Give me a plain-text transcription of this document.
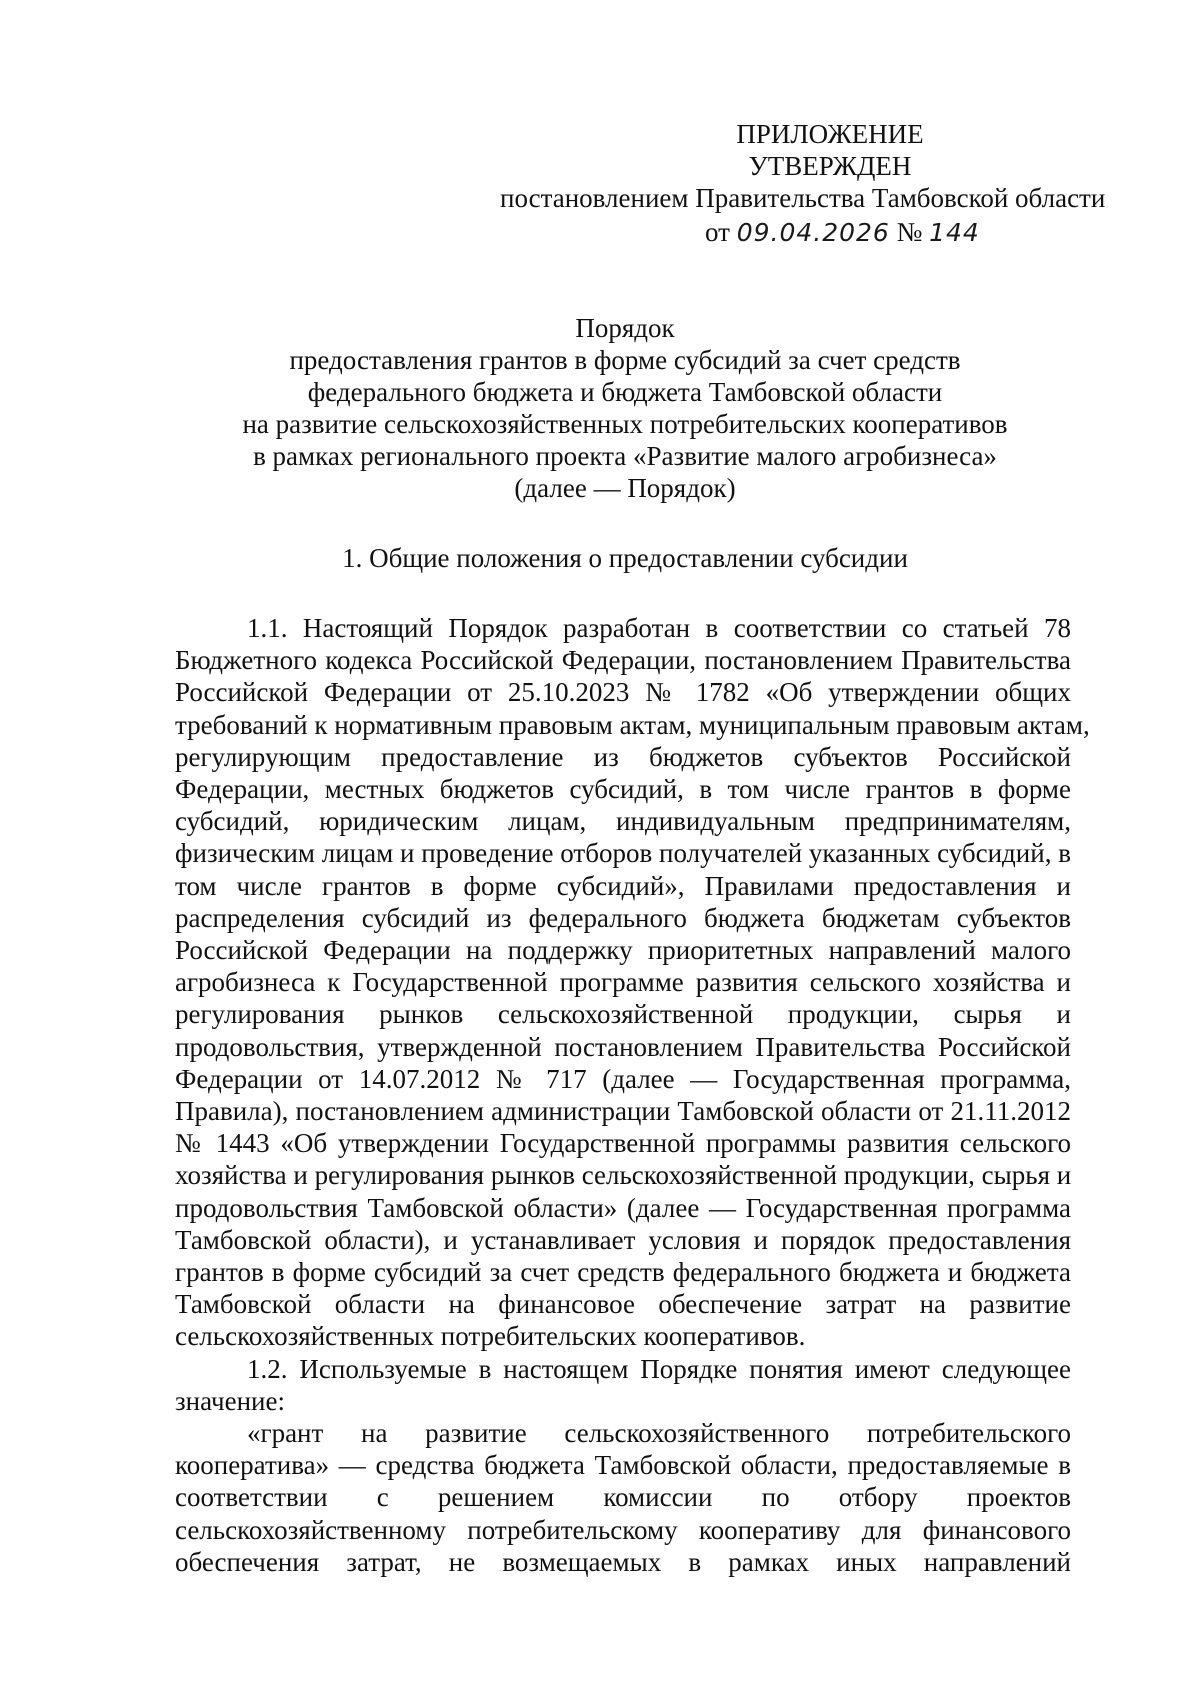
ПРИЛОЖЕНИЕ
УТВЕРЖДЕН
постановлением Правительства Тамбовской области
от 09.04.2026 № 144
Порядок
предоставления грантов в форме субсидий за счет средств
федерального бюджета и бюджета Тамбовской области
на развитие сельскохозяйственных потребительских кооперативов
в рамках регионального проекта «Развитие малого агробизнеса»
(далее — Порядок)
1. Общие положения о предоставлении субсидии
1.1. Настоящий Порядок разработан в соответствии со статьей 78
Бюджетного кодекса Российской Федерации, постановлением Правительства
Российской Федерации от 25.10.2023 № 1782 «Об утверждении общих
требований к нормативным правовым актам, муниципальным правовым актам,
регулирующим предоставление из бюджетов субъектов Российской
Федерации, местных бюджетов субсидий, в том числе грантов в форме
субсидий, юридическим лицам, индивидуальным предпринимателям,
физическим лицам и проведение отборов получателей указанных субсидий, в
том числе грантов в форме субсидий», Правилами предоставления и
распределения субсидий из федерального бюджета бюджетам субъектов
Российской Федерации на поддержку приоритетных направлений малого
агробизнеса к Государственной программе развития сельского хозяйства и
регулирования рынков сельскохозяйственной продукции, сырья и
продовольствия, утвержденной постановлением Правительства Российской
Федерации от 14.07.2012 № 717 (далее — Государственная программа,
Правила), постановлением администрации Тамбовской области от 21.11.2012
№ 1443 «Об утверждении Государственной программы развития сельского
хозяйства и регулирования рынков сельскохозяйственной продукции, сырья и
продовольствия Тамбовской области» (далее — Государственная программа
Тамбовской области), и устанавливает условия и порядок предоставления
грантов в форме субсидий за счет средств федерального бюджета и бюджета
Тамбовской области на финансовое обеспечение затрат на развитие
сельскохозяйственных потребительских кооперативов.
1.2. Используемые в настоящем Порядке понятия имеют следующее
значение:
«грант на развитие сельскохозяйственного потребительского
кооператива» — средства бюджета Тамбовской области, предоставляемые в
соответствии с решением комиссии по отбору проектов
сельскохозяйственному потребительскому кооперативу для финансового
обеспечения затрат, не возмещаемых в рамках иных направлений
